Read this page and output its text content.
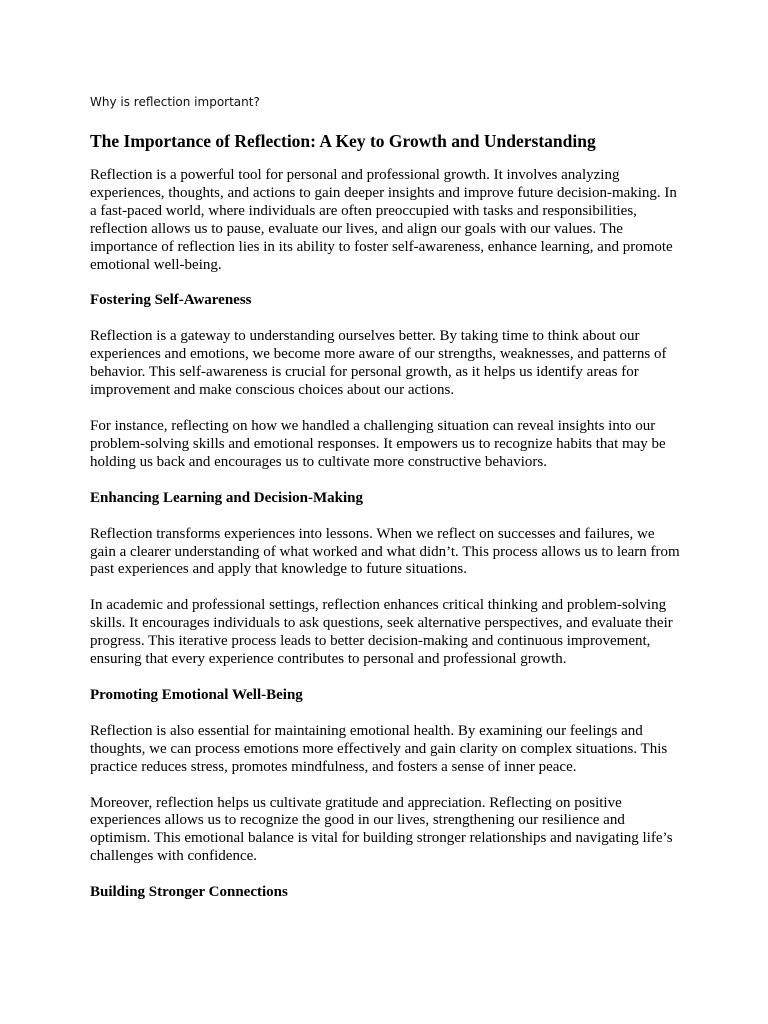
Why is reflection important?
The Importance of Reflection: A Key to Growth and Understanding

Reflection is a powerful tool for personal and professional growth. It involves analyzing experiences, thoughts, and actions to gain deeper insights and improve future decision-making. In a fast-paced world, where individuals are often preoccupied with tasks and responsibilities, reflection allows us to pause, evaluate our lives, and align our goals with our values. The importance of reflection lies in its ability to foster self-awareness, enhance learning, and promote emotional well-being.

Fostering Self-Awareness

Reflection is a gateway to understanding ourselves better. By taking time to think about our experiences and emotions, we become more aware of our strengths, weaknesses, and patterns of behavior. This self-awareness is crucial for personal growth, as it helps us identify areas for improvement and make conscious choices about our actions.

For instance, reflecting on how we handled a challenging situation can reveal insights into our problem-solving skills and emotional responses. It empowers us to recognize habits that may be holding us back and encourages us to cultivate more constructive behaviors.

Enhancing Learning and Decision-Making

Reflection transforms experiences into lessons. When we reflect on successes and failures, we gain a clearer understanding of what worked and what didn’t. This process allows us to learn from past experiences and apply that knowledge to future situations.

In academic and professional settings, reflection enhances critical thinking and problem-solving skills. It encourages individuals to ask questions, seek alternative perspectives, and evaluate their progress. This iterative process leads to better decision-making and continuous improvement, ensuring that every experience contributes to personal and professional growth.

Promoting Emotional Well-Being

Reflection is also essential for maintaining emotional health. By examining our feelings and thoughts, we can process emotions more effectively and gain clarity on complex situations. This practice reduces stress, promotes mindfulness, and fosters a sense of inner peace.

Moreover, reflection helps us cultivate gratitude and appreciation. Reflecting on positive experiences allows us to recognize the good in our lives, strengthening our resilience and optimism. This emotional balance is vital for building stronger relationships and navigating life’s challenges with confidence.

Building Stronger Connections
